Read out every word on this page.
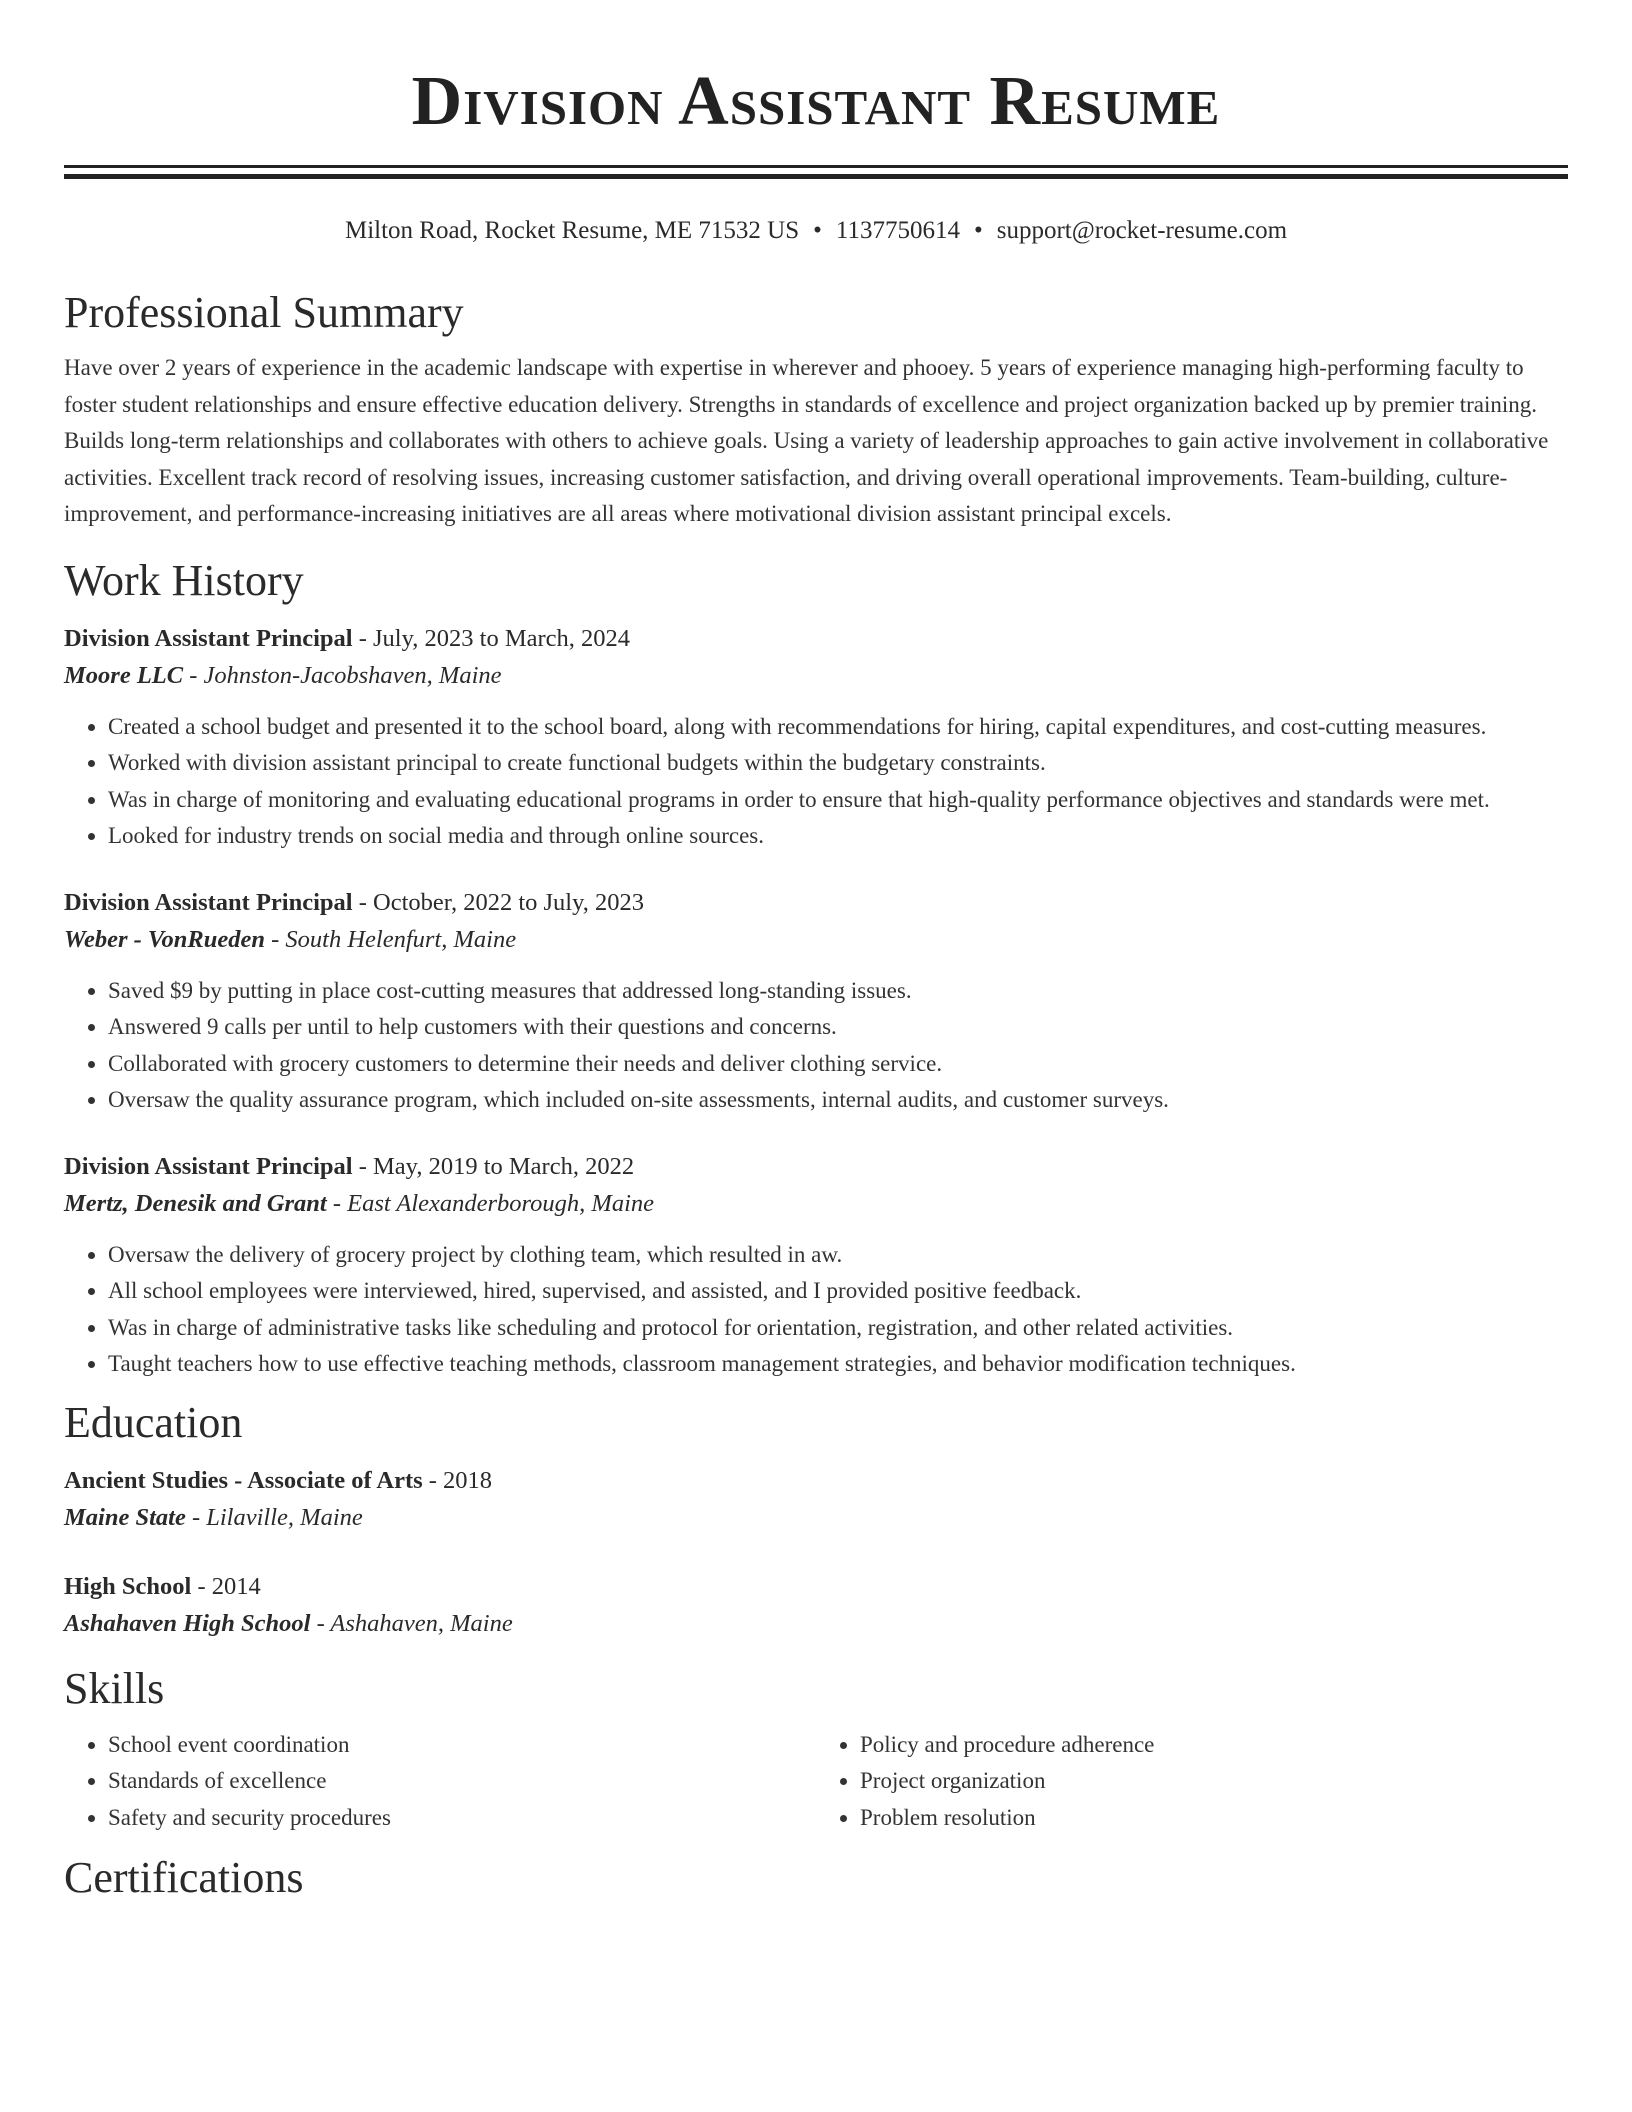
Division Assistant Resume
Milton Road, Rocket Resume, ME 71532 US • 1137750614 • support@rocket-resume.com
Professional Summary

Have over 2 years of experience in the academic landscape with expertise in wherever and phooey. 5 years of experience managing high-performing faculty to foster student relationships and ensure effective education delivery. Strengths in standards of excellence and project organization backed up by premier training. Builds long-term relationships and collaborates with others to achieve goals. Using a variety of leadership approaches to gain active involvement in collaborative activities. Excellent track record of resolving issues, increasing customer satisfaction, and driving overall operational improvements. Team-building, culture-improvement, and performance-increasing initiatives are all areas where motivational division assistant principal excels.

Work History
Division Assistant Principal - July, 2023 to March, 2024
Moore LLC - Johnston-Jacobshaven, Maine
• Created a school budget and presented it to the school board, along with recommendations for hiring, capital expenditures, and cost-cutting measures.
• Worked with division assistant principal to create functional budgets within the budgetary constraints.
• Was in charge of monitoring and evaluating educational programs in order to ensure that high-quality performance objectives and standards were met.
• Looked for industry trends on social media and through online sources.
Division Assistant Principal - October, 2022 to July, 2023
Weber - VonRueden - South Helenfurt, Maine
• Saved $9 by putting in place cost-cutting measures that addressed long-standing issues.
• Answered 9 calls per until to help customers with their questions and concerns.
• Collaborated with grocery customers to determine their needs and deliver clothing service.
• Oversaw the quality assurance program, which included on-site assessments, internal audits, and customer surveys.
Division Assistant Principal - May, 2019 to March, 2022
Mertz, Denesik and Grant - East Alexanderborough, Maine
• Oversaw the delivery of grocery project by clothing team, which resulted in aw.
• All school employees were interviewed, hired, supervised, and assisted, and I provided positive feedback.
• Was in charge of administrative tasks like scheduling and protocol for orientation, registration, and other related activities.
• Taught teachers how to use effective teaching methods, classroom management strategies, and behavior modification techniques.
Education
Ancient Studies - Associate of Arts - 2018
Maine State - Lilaville, Maine
High School - 2014
Ashahaven High School - Ashahaven, Maine
Skills
• School event coordination
• Standards of excellence
• Safety and security procedures
• Policy and procedure adherence
• Project organization
• Problem resolution
Certifications
